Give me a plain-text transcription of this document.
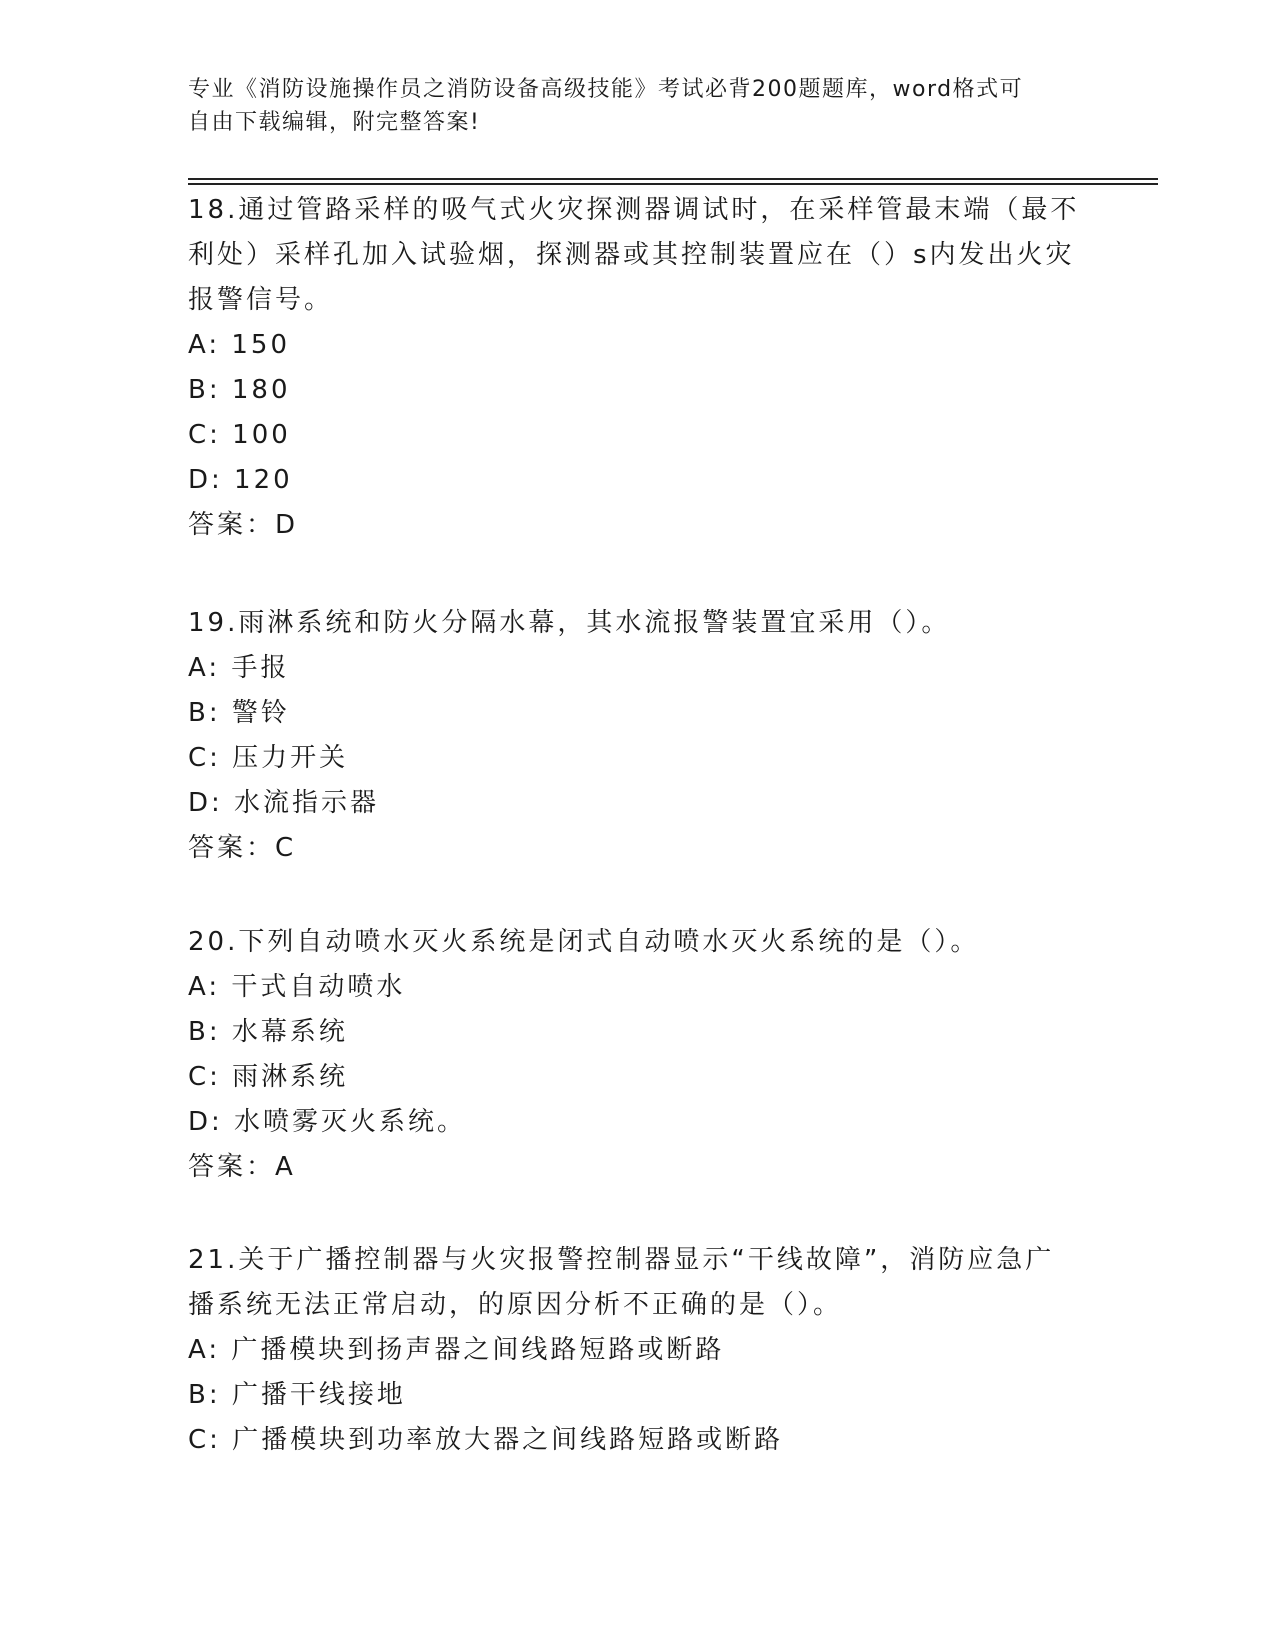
专业《消防设施操作员之消防设备高级技能》考试必背200题题库，word格式可
自由下载编辑，附完整答案!
18.通过管路采样的吸气式火灾探测器调试时，在采样管最末端（最不
利处）采样孔加入试验烟，探测器或其控制装置应在（）s内发出火灾
报警信号。
A: 150
B: 180
C: 100
D: 120
答案：D
19.雨淋系统和防火分隔水幕，其水流报警装置宜采用（）。
A: 手报
B: 警铃
C: 压力开关
D: 水流指示器
答案：C
20.下列自动喷水灭火系统是闭式自动喷水灭火系统的是（）。
A: 干式自动喷水
B: 水幕系统
C: 雨淋系统
D: 水喷雾灭火系统。
答案：A
21.关于广播控制器与火灾报警控制器显示“干线故障”，消防应急广
播系统无法正常启动，的原因分析不正确的是（）。
A: 广播模块到扬声器之间线路短路或断路
B: 广播干线接地
C: 广播模块到功率放大器之间线路短路或断路
